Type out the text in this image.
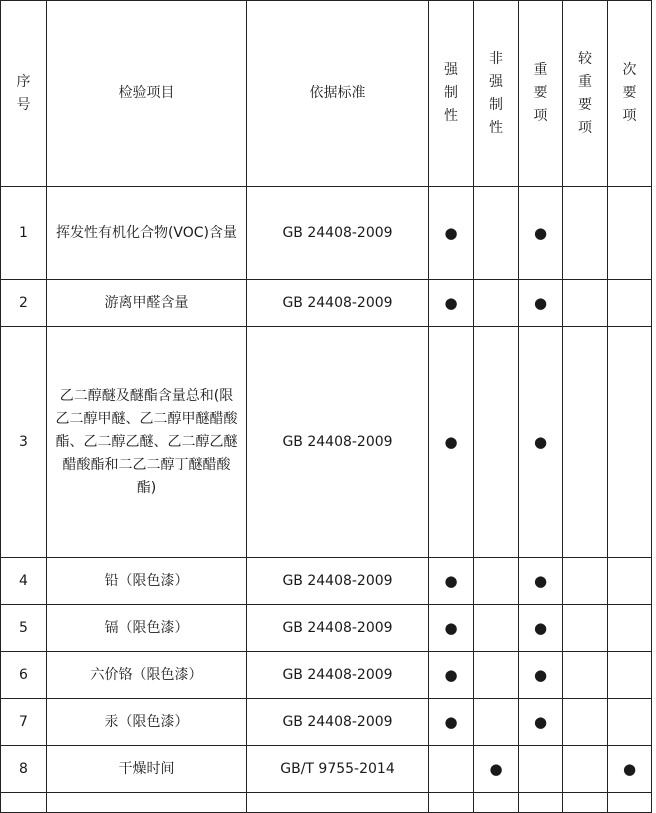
序号	检验项目	依据标准	强制性	非强制性	重要项	较重要项	次要项

1	挥发性有机化合物(VOC)含量	GB 24408-2009	●		●		
2	游离甲醛含量	GB 24408-2009	●		●		
3	乙二醇醚及醚酯含量总和(限乙二醇甲醚、乙二醇甲醚醋酸酯、乙二醇乙醚、乙二醇乙醚醋酸酯和二乙二醇丁醚醋酸酯)	GB 24408-2009	●		●		
4	铅（限色漆）	GB 24408-2009	●		●		
5	镉（限色漆）	GB 24408-2009	●		●		
6	六价铬（限色漆）	GB 24408-2009	●		●		
7	汞（限色漆）	GB 24408-2009	●		●		
8	干燥时间	GB/T 9755-2014		●			●
